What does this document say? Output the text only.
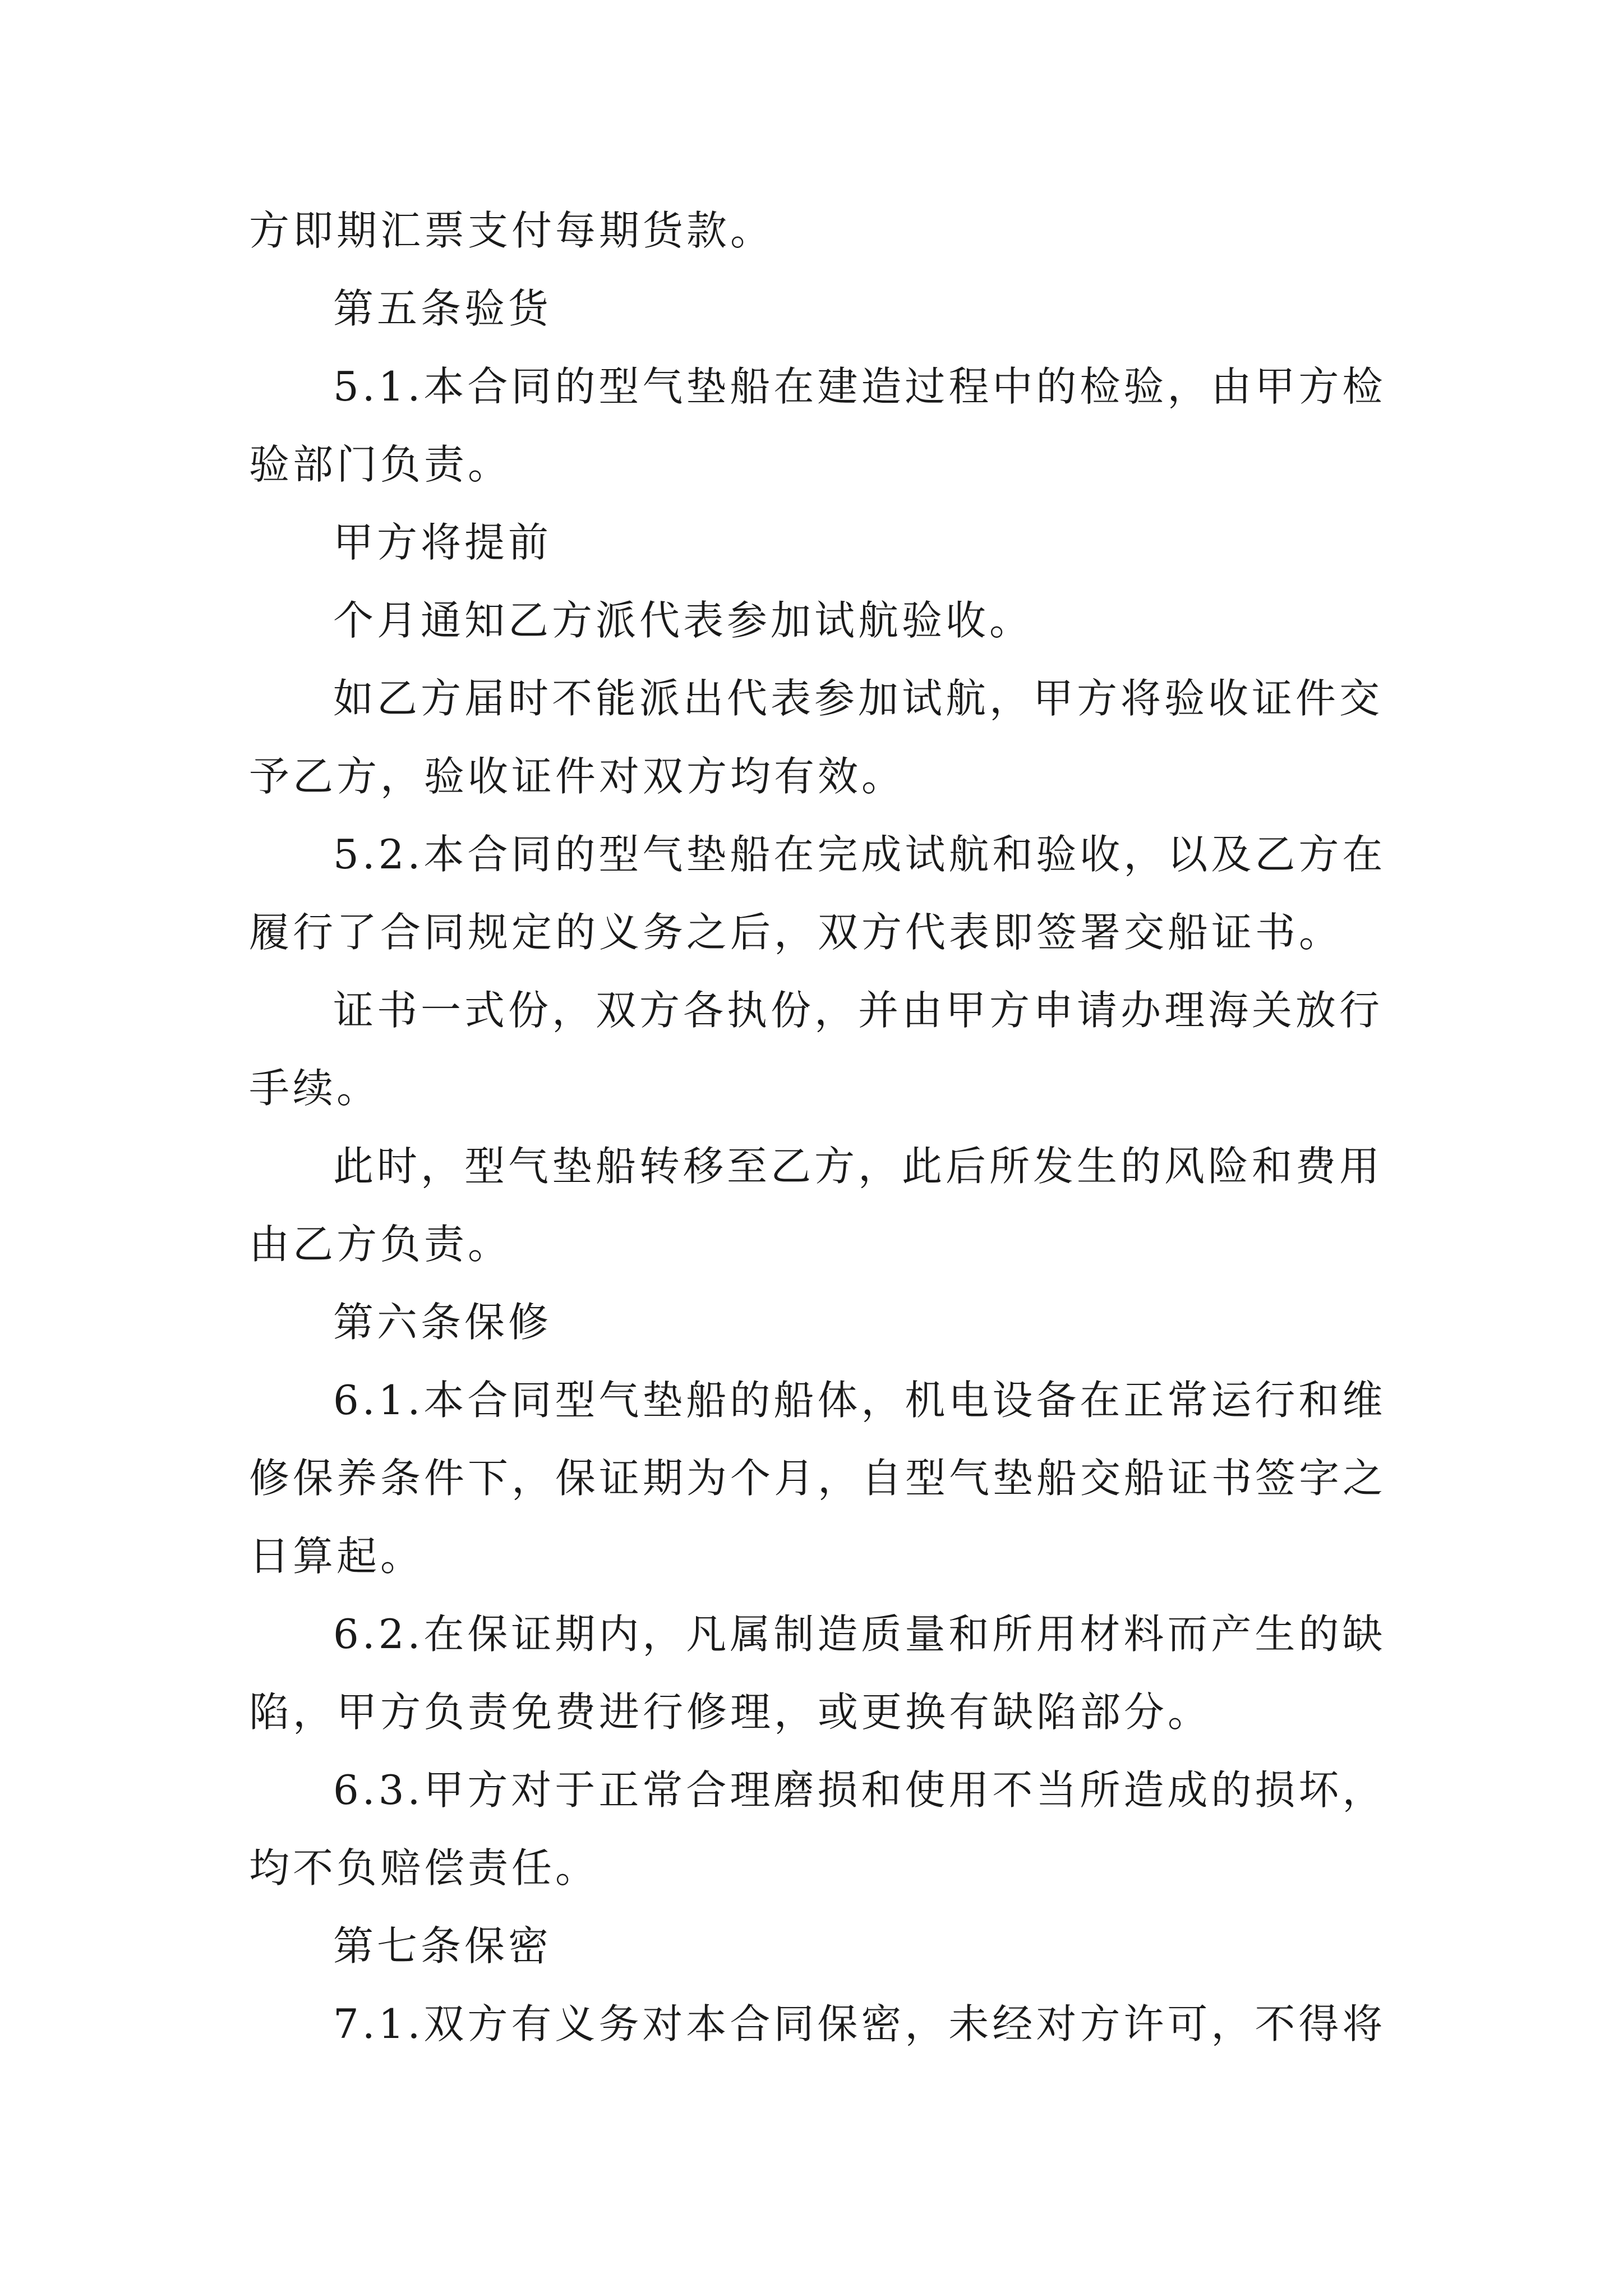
方即期汇票支付每期货款。
第五条验货
5.1.本合同的型气垫船在建造过程中的检验，由甲方检
验部门负责。
甲方将提前
个月通知乙方派代表参加试航验收。
如乙方届时不能派出代表参加试航，甲方将验收证件交
予乙方，验收证件对双方均有效。
5.2.本合同的型气垫船在完成试航和验收，以及乙方在
履行了合同规定的义务之后，双方代表即签署交船证书。
证书一式份，双方各执份，并由甲方申请办理海关放行
手续。
此时，型气垫船转移至乙方，此后所发生的风险和费用
由乙方负责。
第六条保修
6.1.本合同型气垫船的船体，机电设备在正常运行和维
修保养条件下，保证期为个月，自型气垫船交船证书签字之
日算起。
6.2.在保证期内，凡属制造质量和所用材料而产生的缺
陷，甲方负责免费进行修理，或更换有缺陷部分。
6.3.甲方对于正常合理磨损和使用不当所造成的损坏，
均不负赔偿责任。
第七条保密
7.1.双方有义务对本合同保密，未经对方许可，不得将
